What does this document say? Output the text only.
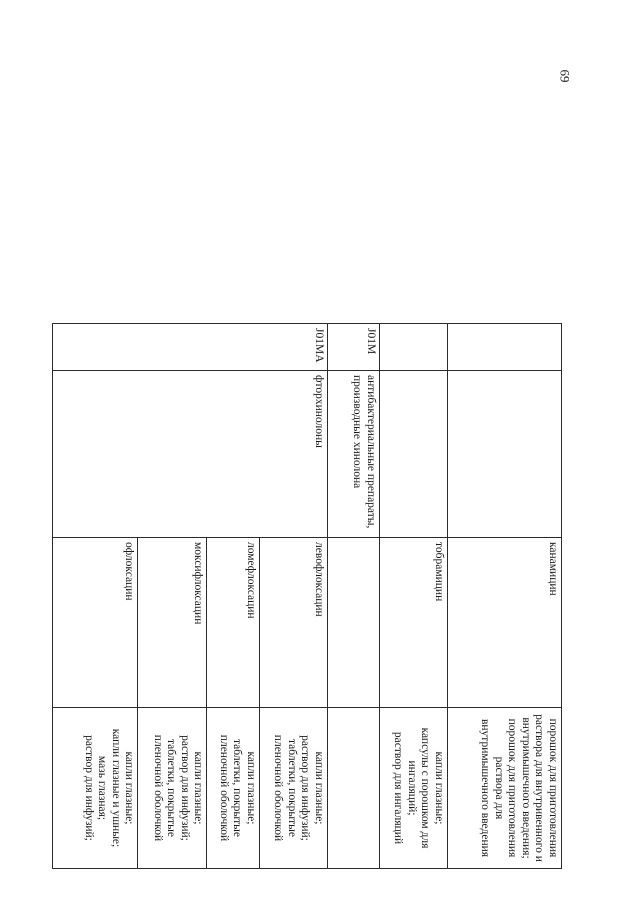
69
		канамицин	порошок для приготовления раствора для внутривенного и внутримышечного введения;
порошок для приготовления раствора для внутримышечного введения

		тобрамицин	капли глазные;
капсулы с порошком для ингаляций;
раствор для ингаляций

J01M	антибактериальные препараты, производные хинолона		
J01MA	фторхинолоны	левофлоксацин	капли глазные;
раствор для инфузий;
таблетки, покрытые пленочной оболочкой

		ломефлоксацин	капли глазные;
таблетки, покрытые пленочной оболочкой

		моксифлоксацин	капли глазные;
раствор для инфузий;
таблетки, покрытые пленочной оболочкой

		офлоксацин	капли глазные;
капли глазные и ушные;
мазь глазная;
раствор для инфузий;
